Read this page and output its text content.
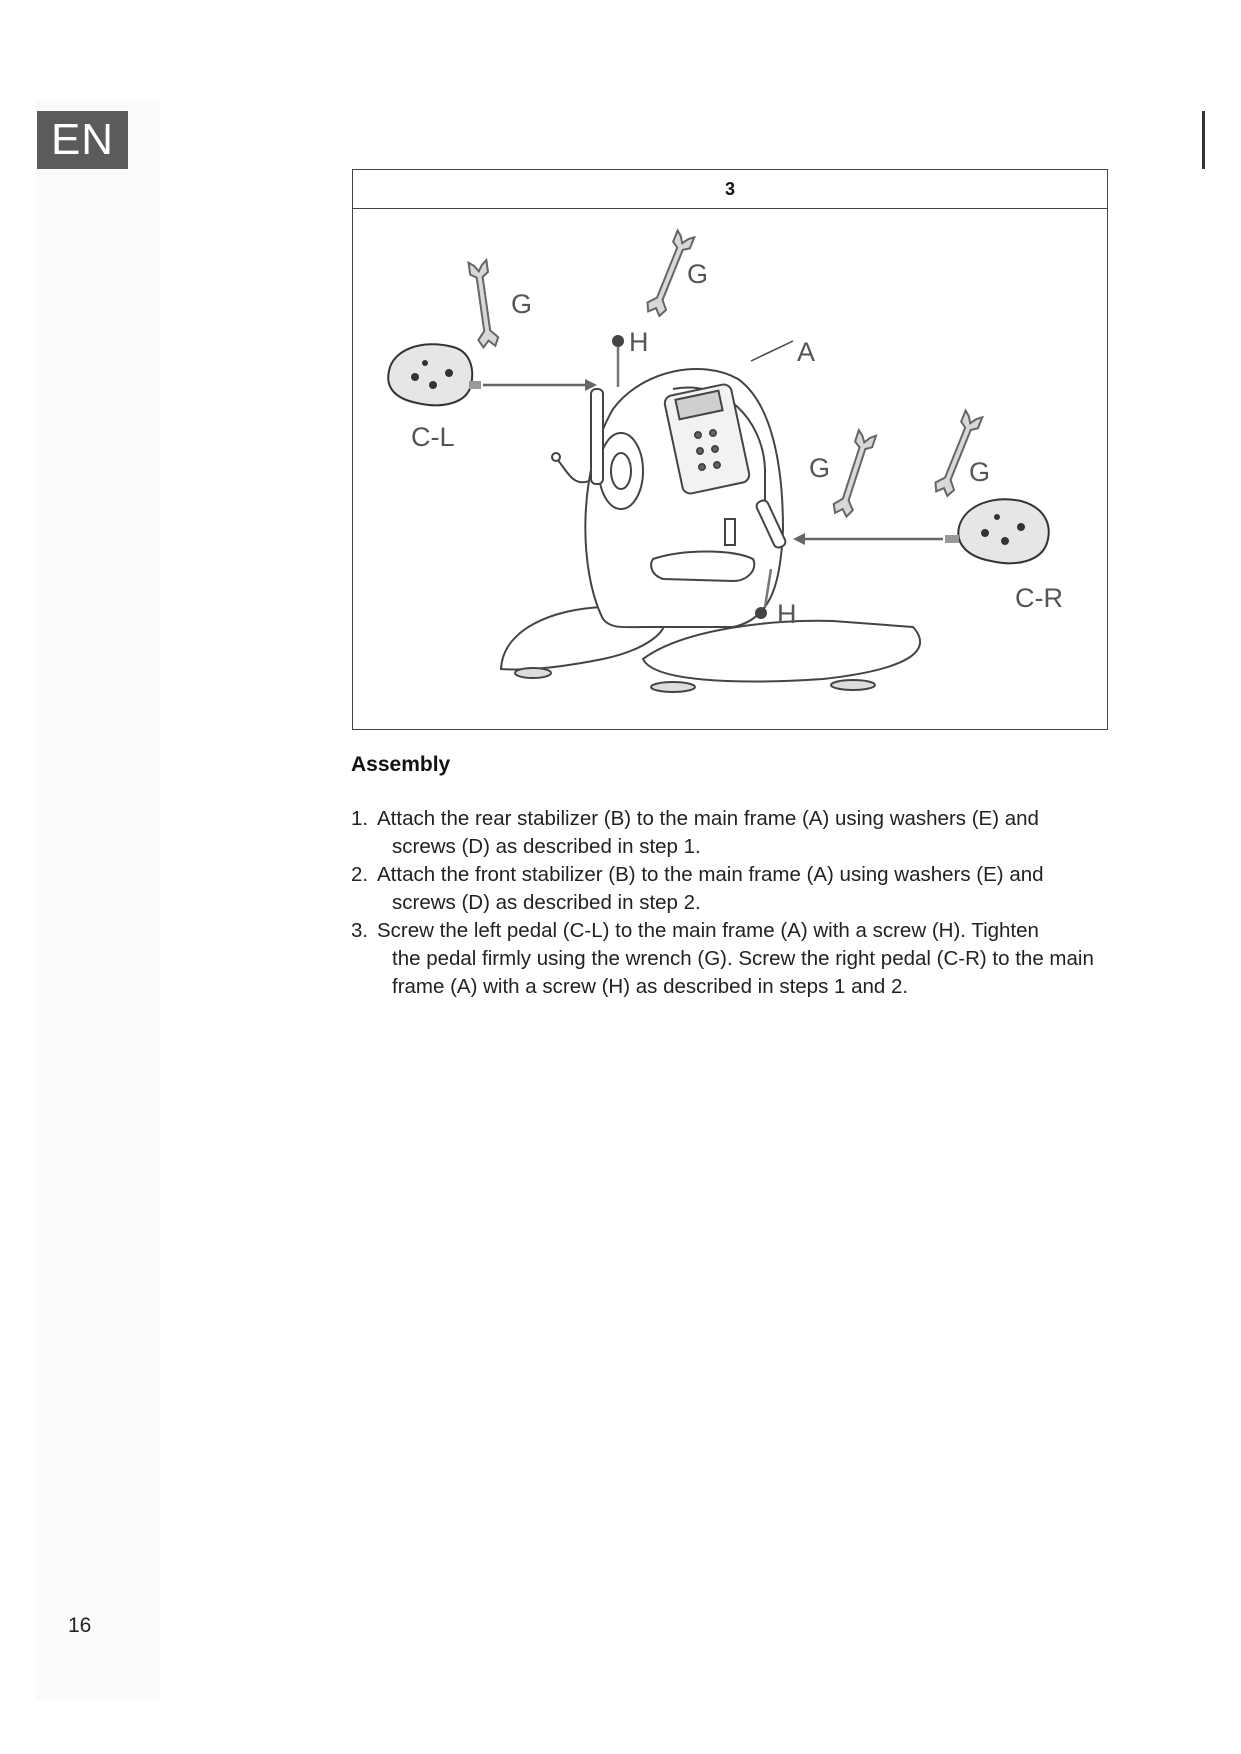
EN
3
G
G
G	G
H
H
A
C-L
C-R
Assembly
1. Attach the rear stabilizer (B) to the main frame (A) using washers (E) and
screws (D) as described in step 1.
2. Attach the front stabilizer (B) to the main frame (A) using washers (E) and
screws (D) as described in step 2.
3. Screw the left pedal (C-L) to the main frame (A) with a screw (H). Tighten
the pedal firmly using the wrench (G). Screw the right pedal (C-R) to the main frame (A) with a screw (H) as described in steps 1 and 2.
16
